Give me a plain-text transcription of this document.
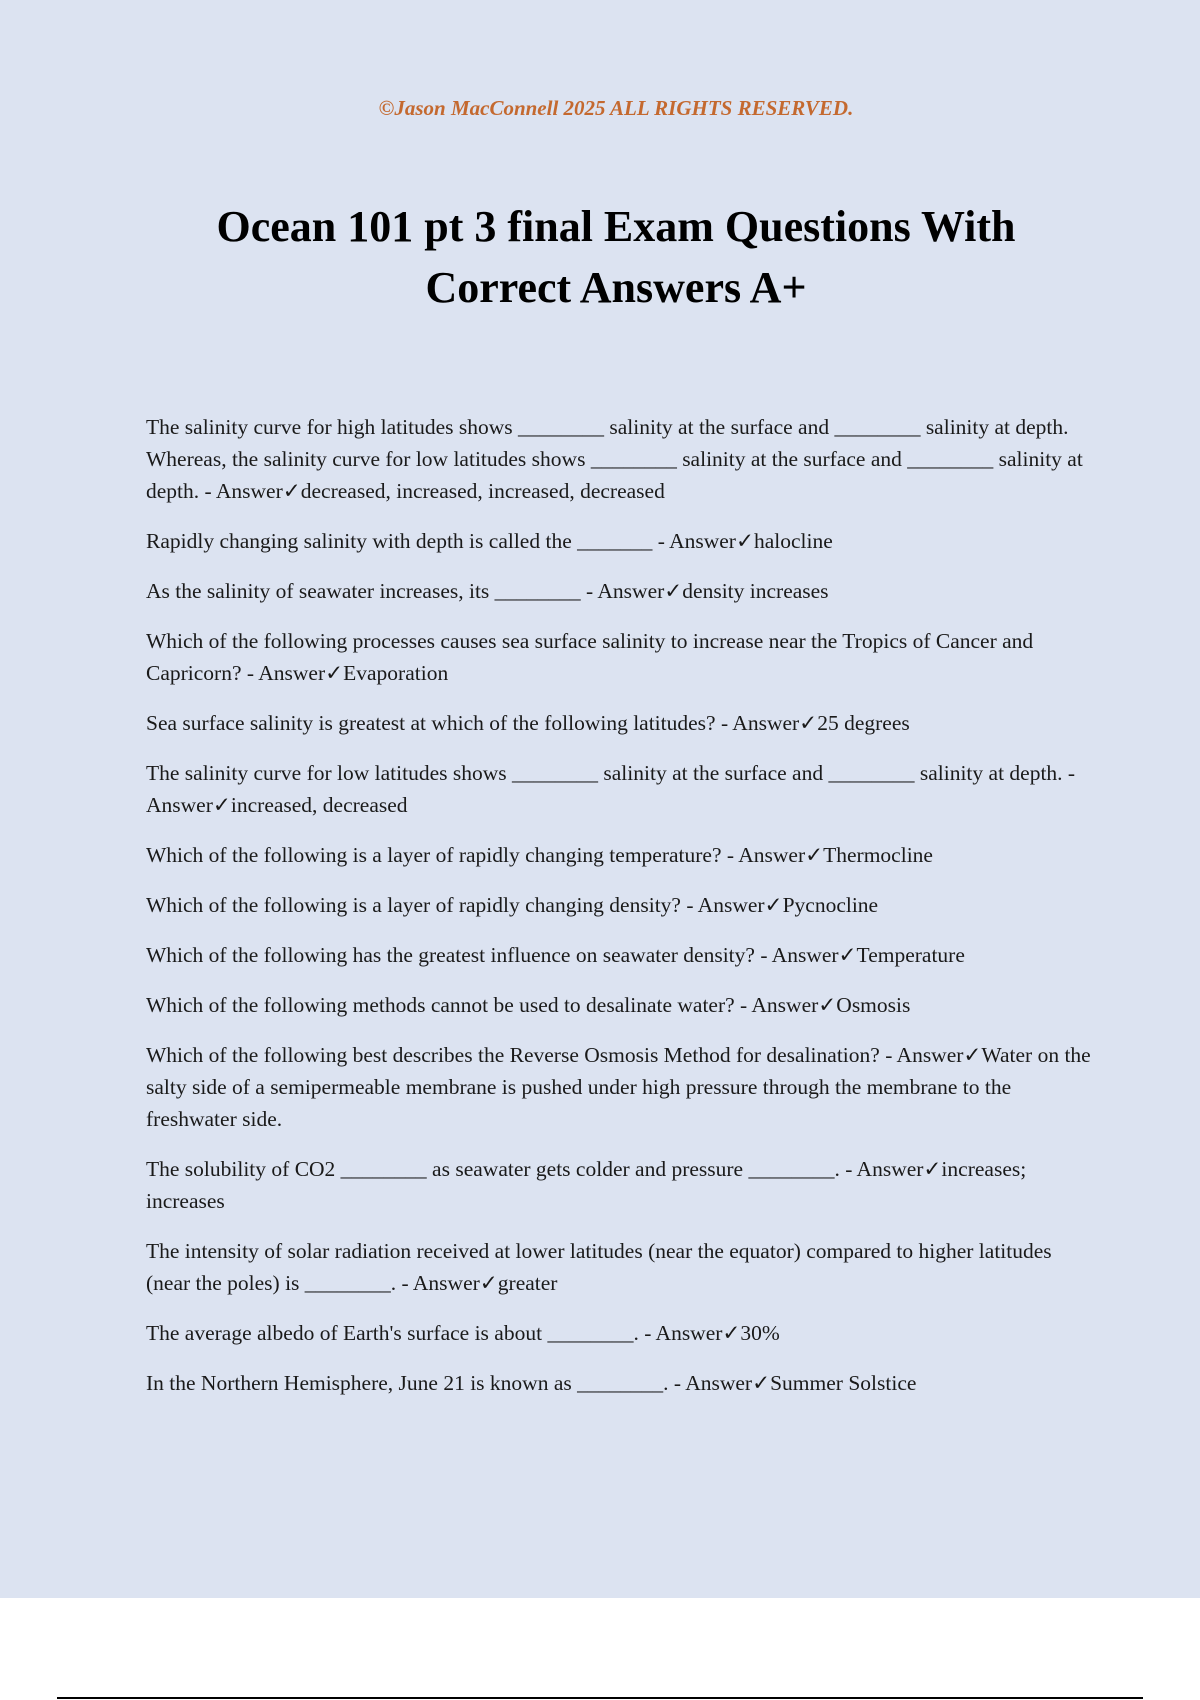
©Jason MacConnell 2025 ALL RIGHTS RESERVED.
Ocean 101 pt 3 final Exam Questions With
Correct Answers A+

The salinity curve for high latitudes shows ________ salinity at the surface and ________ salinity at depth. Whereas, the salinity curve for low latitudes shows ________ salinity at the surface and ________ salinity at depth. - Answer✓decreased, increased, increased, decreased

Rapidly changing salinity with depth is called the _______ - Answer✓halocline

As the salinity of seawater increases, its ________ - Answer✓density increases

Which of the following processes causes sea surface salinity to increase near the Tropics of Cancer and Capricorn? - Answer✓Evaporation

Sea surface salinity is greatest at which of the following latitudes? - Answer✓25 degrees

The salinity curve for low latitudes shows ________ salinity at the surface and ________ salinity at depth. - Answer✓increased, decreased

Which of the following is a layer of rapidly changing temperature? - Answer✓Thermocline

Which of the following is a layer of rapidly changing density? - Answer✓Pycnocline

Which of the following has the greatest influence on seawater density? - Answer✓Temperature

Which of the following methods cannot be used to desalinate water? - Answer✓Osmosis

Which of the following best describes the Reverse Osmosis Method for desalination? - Answer✓Water on the salty side of a semipermeable membrane is pushed under high pressure through the membrane to the freshwater side.

The solubility of CO2 ________ as seawater gets colder and pressure ________. - Answer✓increases; increases

The intensity of solar radiation received at lower latitudes (near the equator) compared to higher latitudes (near the poles) is ________. - Answer✓greater

The average albedo of Earth's surface is about ________. - Answer✓30%

In the Northern Hemisphere, June 21 is known as ________. - Answer✓Summer Solstice
